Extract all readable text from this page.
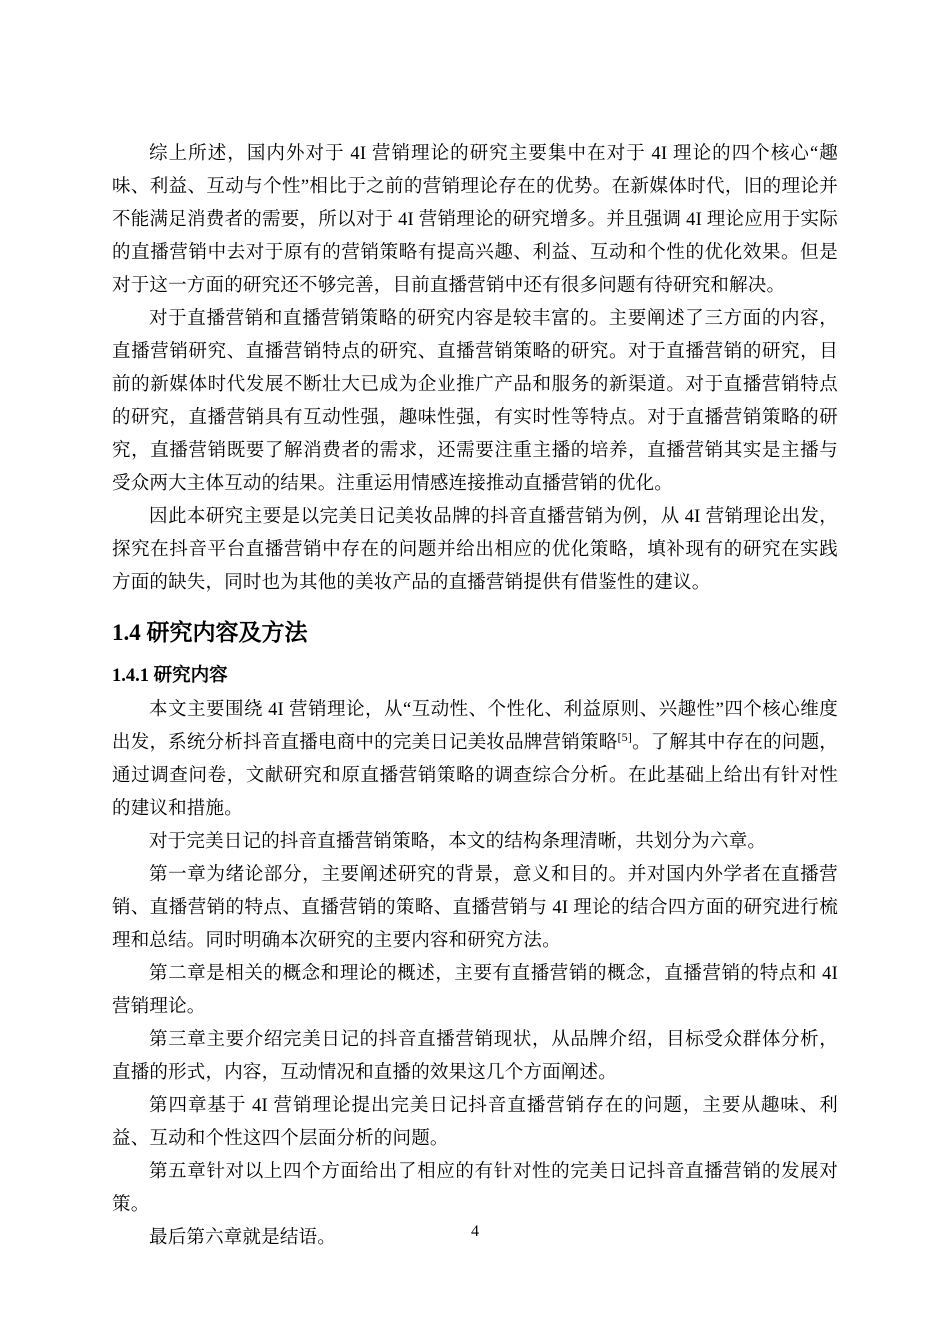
综上所述，国内外对于 4I 营销理论的研究主要集中在对于 4I 理论的四个核心“趣味、利益、互动与个性”相比于之前的营销理论存在的优势。在新媒体时代，旧的理论并不能满足消费者的需要，所以对于 4I 营销理论的研究增多。并且强调 4I 理论应用于实际的直播营销中去对于原有的营销策略有提高兴趣、利益、互动和个性的优化效果。但是对于这一方面的研究还不够完善，目前直播营销中还有很多问题有待研究和解决。

对于直播营销和直播营销策略的研究内容是较丰富的。主要阐述了三方面的内容，直播营销研究、直播营销特点的研究、直播营销策略的研究。对于直播营销的研究，目前的新媒体时代发展不断壮大已成为企业推广产品和服务的新渠道。对于直播营销特点的研究，直播营销具有互动性强，趣味性强，有实时性等特点。对于直播营销策略的研究，直播营销既要了解消费者的需求，还需要注重主播的培养，直播营销其实是主播与受众两大主体互动的结果。注重运用情感连接推动直播营销的优化。

因此本研究主要是以完美日记美妆品牌的抖音直播营销为例，从 4I 营销理论出发，探究在抖音平台直播营销中存在的问题并给出相应的优化策略，填补现有的研究在实践方面的缺失，同时也为其他的美妆产品的直播营销提供有借鉴性的建议。

1.4 研究内容及方法
1.4.1 研究内容

本文主要围绕 4I 营销理论，从“互动性、个性化、利益原则、兴趣性”四个核心维度出发，系统分析抖音直播电商中的完美日记美妆品牌营销策略[5]。了解其中存在的问题，通过调查问卷，文献研究和原直播营销策略的调查综合分析。在此基础上给出有针对性的建议和措施。

对于完美日记的抖音直播营销策略，本文的结构条理清晰，共划分为六章。

第一章为绪论部分，主要阐述研究的背景，意义和目的。并对国内外学者在直播营销、直播营销的特点、直播营销的策略、直播营销与 4I 理论的结合四方面的研究进行梳理和总结。同时明确本次研究的主要内容和研究方法。

第二章是相关的概念和理论的概述，主要有直播营销的概念，直播营销的特点和 4I 营销理论。

第三章主要介绍完美日记的抖音直播营销现状，从品牌介绍，目标受众群体分析，直播的形式，内容，互动情况和直播的效果这几个方面阐述。

第四章基于 4I 营销理论提出完美日记抖音直播营销存在的问题，主要从趣味、利益、互动和个性这四个层面分析的问题。

第五章针对以上四个方面给出了相应的有针对性的完美日记抖音直播营销的发展对策。

最后第六章就是结语。	4
